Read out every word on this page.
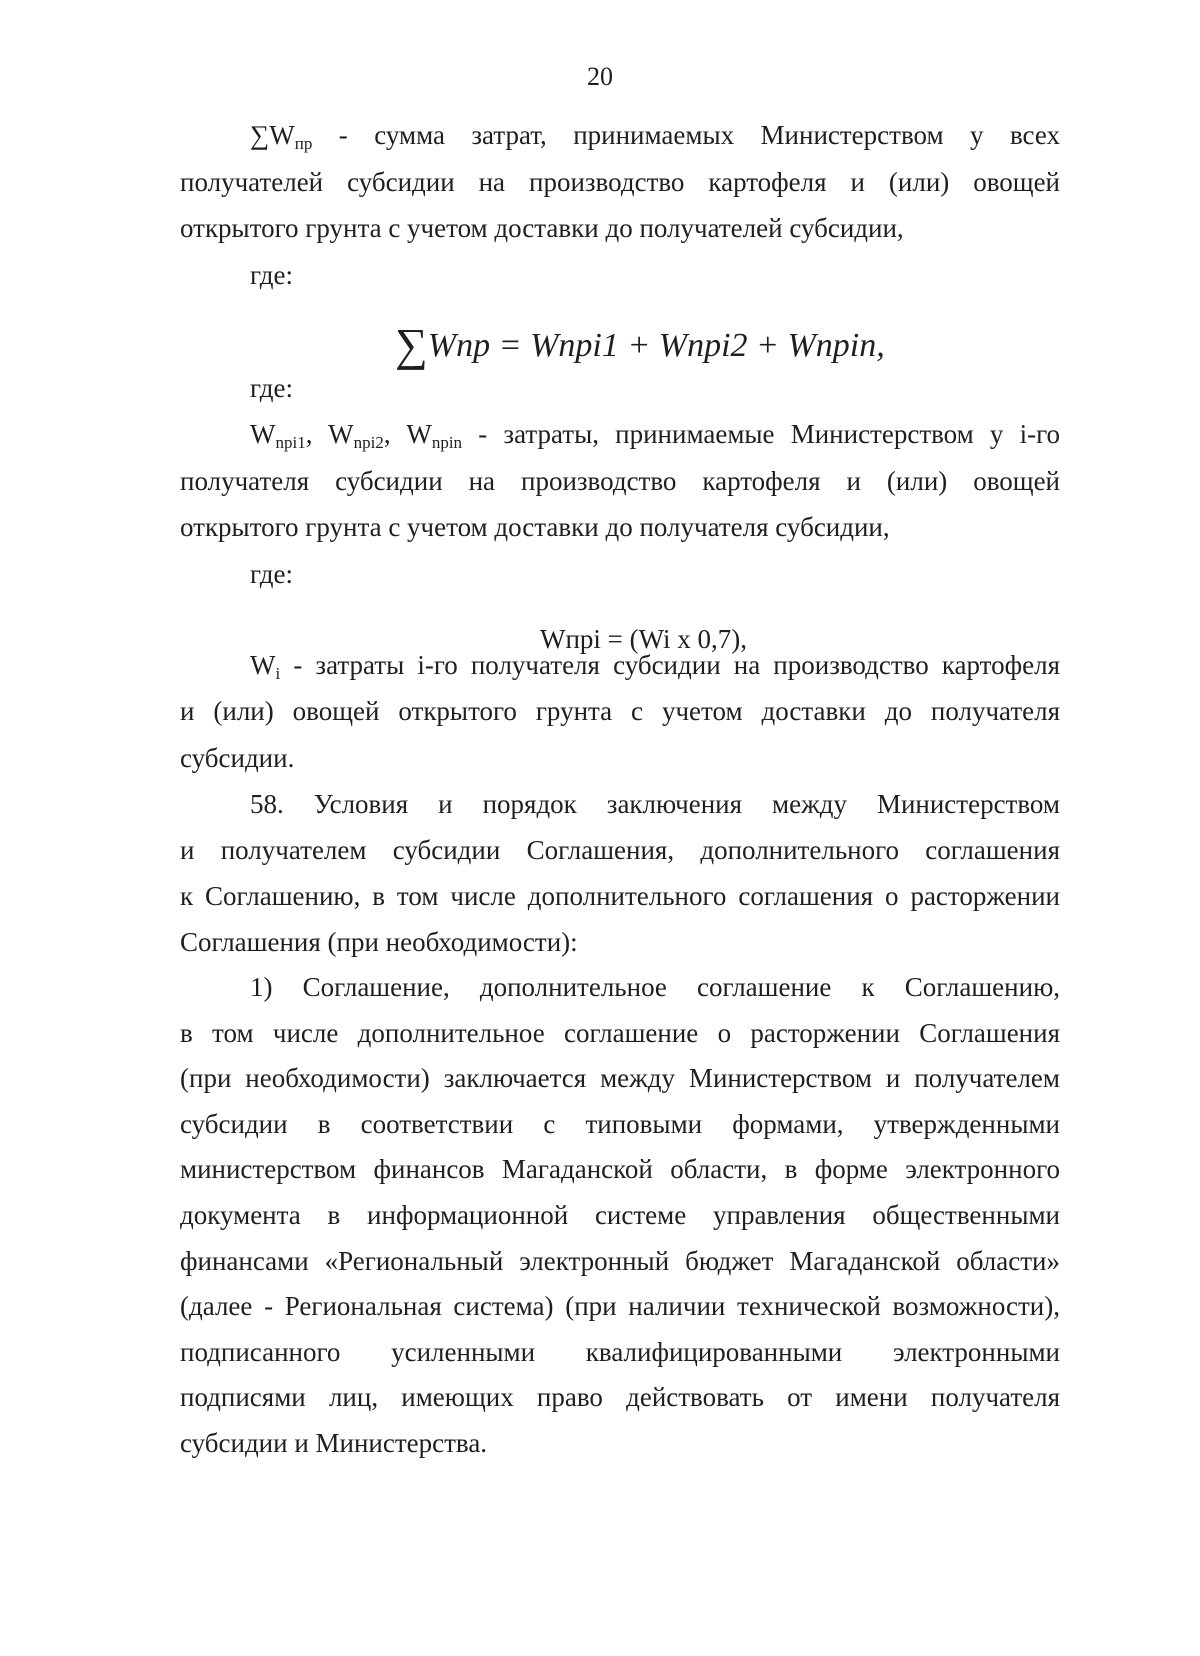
20
$\sum W_{пр}$ - сумма затрат, принимаемых Министерством у всех
получателей субсидии на производство картофеля и (или) овощей
открытого грунта с учетом доставки до получателей субсидии,
где:
где:
$W_{npi1}$, $W_{npi2}$, $W_{npin}$ - затраты, принимаемые Министерством у i-го
получателя субсидии на производство картофеля и (или) овощей
открытого грунта с учетом доставки до получателя субсидии,
где:
$W_i$ - затраты i-го получателя субсидии на производство картофеля
и (или) овощей открытого грунта с учетом доставки до получателя
субсидии.
58. Условия и порядок заключения между Министерством
и получателем субсидии Соглашения, дополнительного соглашения
к Соглашению, в том числе дополнительного соглашения о расторжении
Соглашения (при необходимости):
1) Соглашение, дополнительное соглашение к Соглашению,
в том числе дополнительное соглашение о расторжении Соглашения
(при необходимости) заключается между Министерством и получателем
субсидии в соответствии с типовыми формами, утвержденными
министерством финансов Магаданской области, в форме электронного
документа в информационной системе управления общественными
финансами «Региональный электронный бюджет Магаданской области»
(далее - Региональная система) (при наличии технической возможности),
подписанного усиленными квалифицированными электронными
подписями лиц, имеющих право действовать от имени получателя
субсидии и Министерства.
∑Wnp = Wnpi1 + Wnpi2 + Wnpin,
Wпpi = (Wi x 0,7),
